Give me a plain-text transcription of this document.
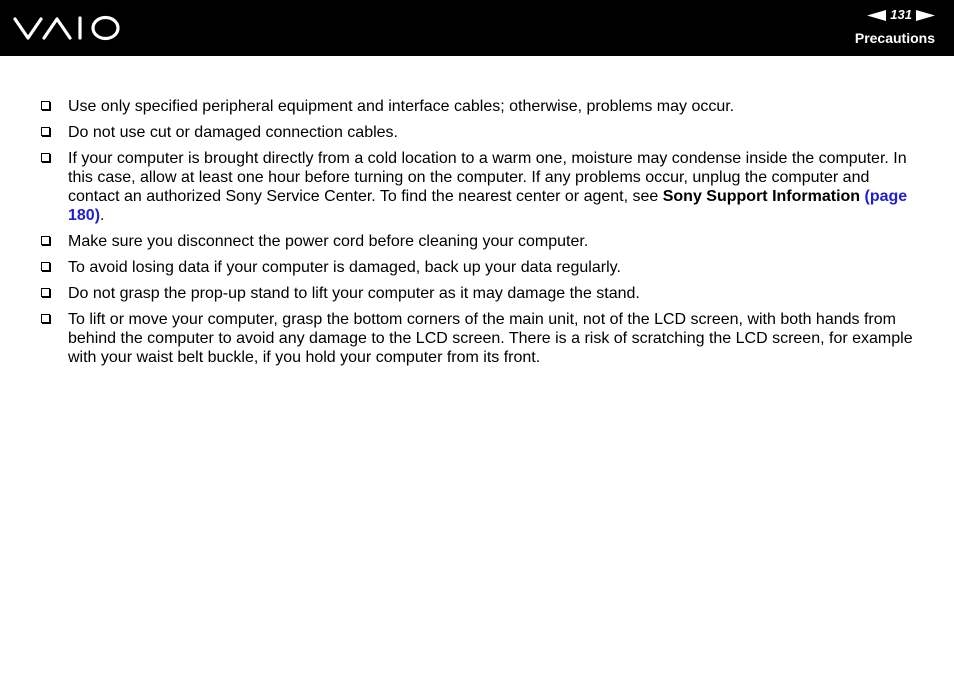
131
Precautions
Use only specified peripheral equipment and interface cables; otherwise, problems may occur.
Do not use cut or damaged connection cables.
If your computer is brought directly from a cold location to a warm one, moisture may condense inside the computer. In this case, allow at least one hour before turning on the computer. If any problems occur, unplug the computer and contact an authorized Sony Service Center. To find the nearest center or agent, see Sony Support Information (page 180).
Make sure you disconnect the power cord before cleaning your computer.
To avoid losing data if your computer is damaged, back up your data regularly.
Do not grasp the prop-up stand to lift your computer as it may damage the stand.
To lift or move your computer, grasp the bottom corners of the main unit, not of the LCD screen, with both hands from behind the computer to avoid any damage to the LCD screen. There is a risk of scratching the LCD screen, for example with your waist belt buckle, if you hold your computer from its front.
